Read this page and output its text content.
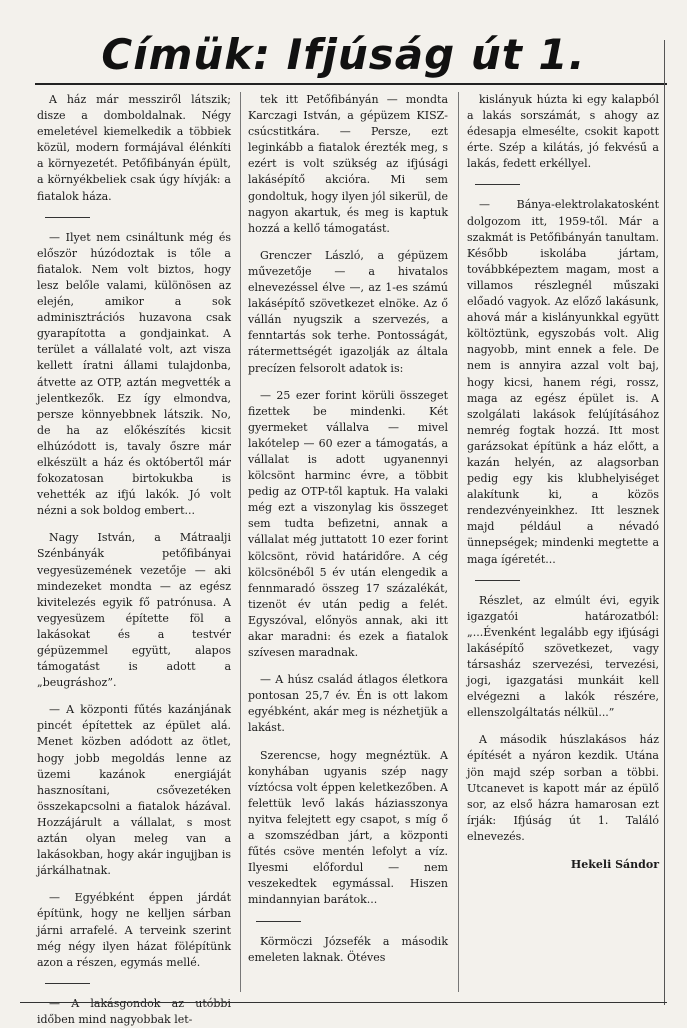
Címük: Ifjúság út 1.

A ház már messziről látszik; disze a domboldalnak. Négy emeletével kiemelkedik a többiek közül, modern formájával élénkíti a környezetét. Petőfibányán épült, a környékbeliek csak úgy hívják: a fiatalok háza.

— Ilyet nem csináltunk még és először húzódoztak is tőle a fiatalok. Nem volt biztos, hogy lesz belőle valami, különösen az elején, amikor a sok adminisztrációs huzavona csak gyarapította a gondjainkat. A terület a vállalaté volt, azt visza kellett íratni állami tulajdonba, átvette az OTP, aztán megvették a jelentkezők. Ez így elmondva, persze könnyebbnek látszik. No, de ha az előkészítés kicsit elhúzódott is, tavaly őszre már elkészült a ház és októbertől már fokozatosan birtokukba is vehették az ifjú lakók. Jó volt nézni a sok boldog embert...

Nagy István, a Mátraalji Szénbányák petőfibányai vegyesüzemének vezetője — aki mindezeket mondta — az egész kivitelezés egyik fő patrónusa. A vegyesüzem építette föl a lakásokat és a testvér gépüzemmel együtt, alapos támogatást is adott a „beugráshoz”.

— A központi fűtés kazánjának pincét építettek az épület alá. Menet közben adódott az ötlet, hogy jobb megoldás lenne az üzemi kazánok energiáját hasznosítani, csővezetéken összekapcsolni a fiatalok házával. Hozzájárult a vállalat, s most aztán olyan meleg van a lakásokban, hogy akár ingujjban is járkálhatnak.

— Egyébként éppen járdát építünk, hogy ne kelljen sárban járni arrafelé. A terveink szerint még négy ilyen házat fölépítünk azon a részen, egymás mellé.

— A lakásgondok az utóbbi időben mind nagyobbak let-

tek itt Petőfibányán — mondta Karczagi István, a gépüzem KISZ-csúcstitkára. — Persze, ezt leginkább a fiatalok érezték meg, s ezért is volt szükség az ifjúsági lakásépítő akcióra. Mi sem gondoltuk, hogy ilyen jól sikerül, de nagyon akartuk, és meg is kaptuk hozzá a kellő támogatást.

Grenczer László, a gépüzem művezetője — a hivatalos elnevezéssel élve —, az 1-es számú lakásépítő szövetkezet elnöke. Az ő vállán nyugszik a szervezés, a fenntartás sok terhe. Pontosságát, rátermettségét igazolják az általa precízen felsorolt adatok is:

— 25 ezer forint körüli összeget fizettek be mindenki. Két gyermeket vállalva — mivel lakótelep — 60 ezer a támogatás, a vállalat is adott ugyanennyi kölcsönt harminc évre, a többit pedig az OTP-től kaptuk. Ha valaki még ezt a viszonylag kis összeget sem tudta befizetni, annak a vállalat még juttatott 10 ezer forint kölcsönt, rövid határidőre. A cég kölcsönéből 5 év után elengedik a fennmaradó összeg 17 százalékát, tizenöt év után pedig a felét. Egyszóval, előnyös annak, aki itt akar maradni: és ezek a fiatalok szívesen maradnak.

— A húsz család átlagos életkora pontosan 25,7 év. Én is ott lakom egyébként, akár meg is nézhetjük a lakást.

Szerencse, hogy megnéztük. A konyhában ugyanis szép nagy víztócsa volt éppen keletkezőben. A felettük levő lakás háziasszonya nyitva felejtett egy csapot, s míg ő a szomszédban járt, a központi fűtés csöve mentén lefolyt a víz. Ilyesmi előfordul — nem veszekedtek egymással. Hiszen mindannyian barátok...

Körmöczi Józsefék a második emeleten laknak. Ötéves

kislányuk húzta ki egy kalapból a lakás sorszámát, s ahogy az édesapja elmesélte, csokit kapott érte. Szép a kilátás, jó fekvésű a lakás, fedett erkéllyel.

— Bánya-elektrolakatosként dolgozom itt, 1959-től. Már a szakmát is Petőfibányán tanultam. Később iskolába jártam, továbbképeztem magam, most a villamos részlegnél műszaki előadó vagyok. Az előző lakásunk, ahová már a kislányunkkal együtt költöztünk, egyszobás volt. Alig nagyobb, mint ennek a fele. De nem is annyira azzal volt baj, hogy kicsi, hanem régi, rossz, maga az egész épület is. A szolgálati lakások felújításához nemrég fogtak hozzá. Itt most garázsokat építünk a ház előtt, a kazán helyén, az alagsorban pedig egy kis klubhelyiséget alakítunk ki, a közös rendezvényeinkhez. Itt lesznek majd például a névadó ünnepségek; mindenki megtette a maga ígéretét...

Részlet, az elmúlt évi, egyik igazgatói határozatból: „...Évenként legalább egy ifjúsági lakásépítő szövetkezet, vagy társasház szervezési, tervezési, jogi, igazgatási munkáit kell elvégezni a lakók részére, ellenszolgáltatás nélkül...”

A második húszlakásos ház építését a nyáron kezdik. Utána jön majd szép sorban a többi. Utcanevet is kapott már az épülő sor, az első házra hamarosan ezt írják: Ifjúság út 1. Találó elnevezés.

Hekeli Sándor
